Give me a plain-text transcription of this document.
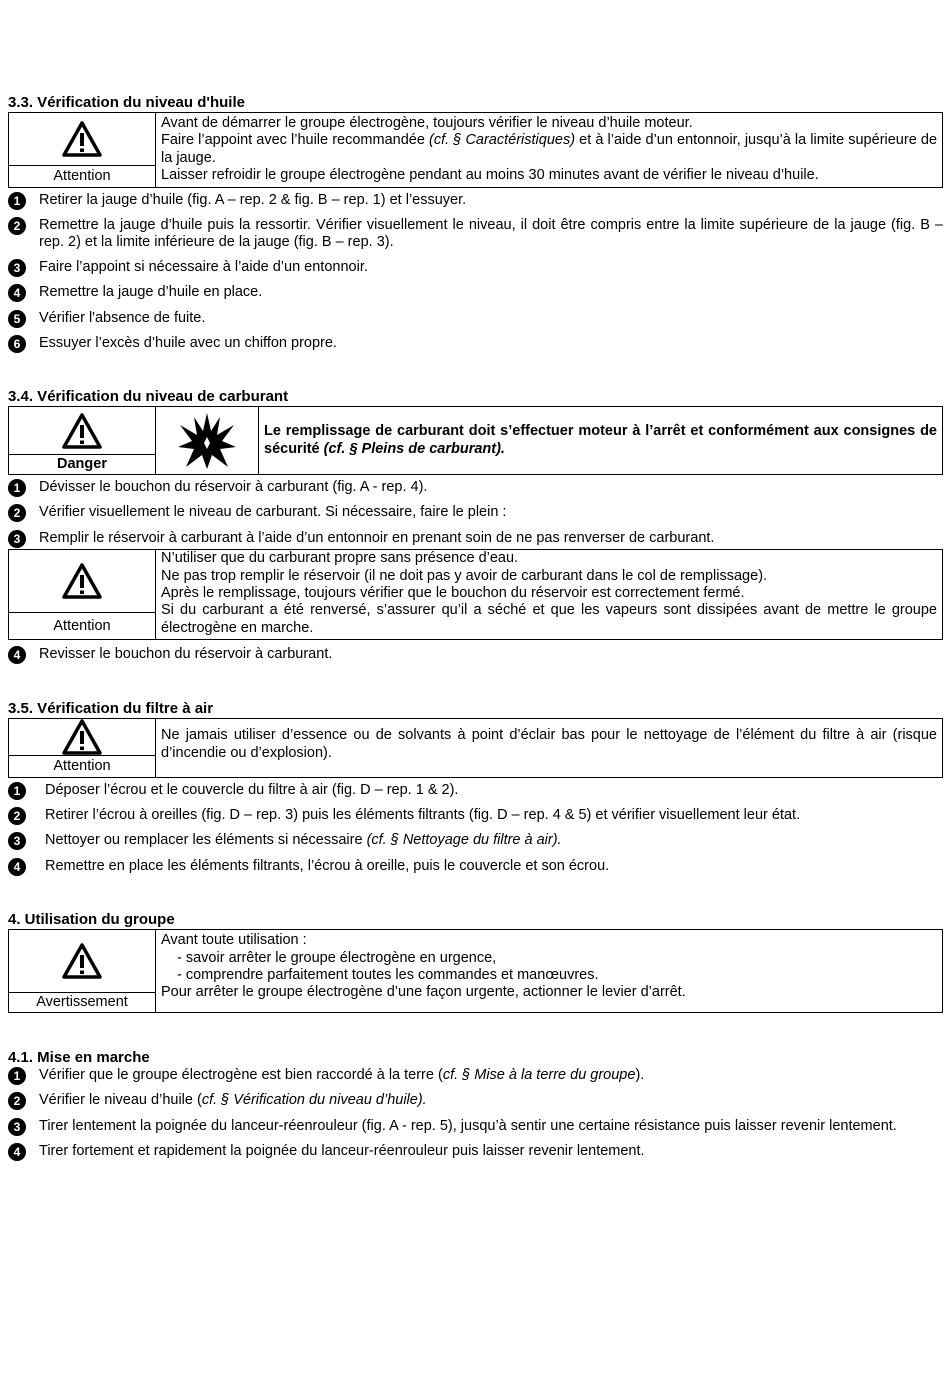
3.3. Vérification du niveau d'huile
Attention

Avant de démarrer le groupe électrogène, toujours vérifier le niveau d’huile moteur.

Faire l’appoint avec l’huile recommandée (cf. § Caractéristiques) et à l’aide d’un entonnoir, jusqu’à la limite supérieure de la jauge.

Laisser refroidir le groupe électrogène pendant au moins 30 minutes avant de vérifier le niveau d’huile.

1	Retirer la jauge d’huile (fig. A – rep. 2 & fig. B – rep. 1) et l’essuyer.
2	Remettre la jauge d’huile puis la ressortir. Vérifier visuellement le niveau, il doit être compris entre la limite supérieure de la jauge (fig. B – rep. 2) et la limite inférieure de la jauge (fig. B – rep. 3).
3	Faire l’appoint si nécessaire à l’aide d’un entonnoir.
4	Remettre la jauge d’huile en place.
5	Vérifier l'absence de fuite.
6	Essuyer l’excès d’huile avec un chiffon propre.
3.4. Vérification du niveau de carburant
Danger
Le remplissage de carburant doit s’effectuer moteur à l’arrêt et conformément aux consignes de sécurité (cf. § Pleins de carburant).
1	Dévisser le bouchon du réservoir à carburant (fig. A - rep. 4).
2	Vérifier visuellement le niveau de carburant. Si nécessaire, faire le plein :
3	Remplir le réservoir à carburant à l’aide d’un entonnoir en prenant soin de ne pas renverser de carburant.
Attention

N’utiliser que du carburant propre sans présence d’eau.

Ne pas trop remplir le réservoir (il ne doit pas y avoir de carburant dans le col de remplissage).

Après le remplissage, toujours vérifier que le bouchon du réservoir est correctement fermé.

Si du carburant a été renversé, s’assurer qu’il a séché et que les vapeurs sont dissipées avant de mettre le groupe électrogène en marche.

4	Revisser le bouchon du réservoir à carburant.
3.5. Vérification du filtre à air
Attention

Ne jamais utiliser d’essence ou de solvants à point d’éclair bas pour le nettoyage de l’élément du filtre à air (risque d’incendie ou d’explosion).

1	Déposer l’écrou et le couvercle du filtre à air (fig. D – rep. 1 & 2).
2	Retirer l’écrou à oreilles (fig. D – rep. 3) puis les éléments filtrants (fig. D – rep. 4 & 5) et vérifier visuellement leur état.
3	Nettoyer ou remplacer les éléments si nécessaire (cf. § Nettoyage du filtre à air).
4	Remettre en place les éléments filtrants, l’écrou à oreille, puis le couvercle et son écrou.
4. Utilisation du groupe
Avertissement

Avant toute utilisation :

- savoir arrêter le groupe électrogène en urgence,

- comprendre parfaitement toutes les commandes et manœuvres.

Pour arrêter le groupe électrogène d’une façon urgente, actionner le levier d’arrêt.

4.1. Mise en marche
1	Vérifier que le groupe électrogène est bien raccordé à la terre (cf. § Mise à la terre du groupe).
2	Vérifier le niveau d’huile (cf. § Vérification du niveau d’huile).
3	Tirer lentement la poignée du lanceur-réenrouleur (fig. A - rep. 5), jusqu’à sentir une certaine résistance puis laisser revenir lentement.
4	Tirer fortement et rapidement la poignée du lanceur-réenrouleur puis laisser revenir lentement.
